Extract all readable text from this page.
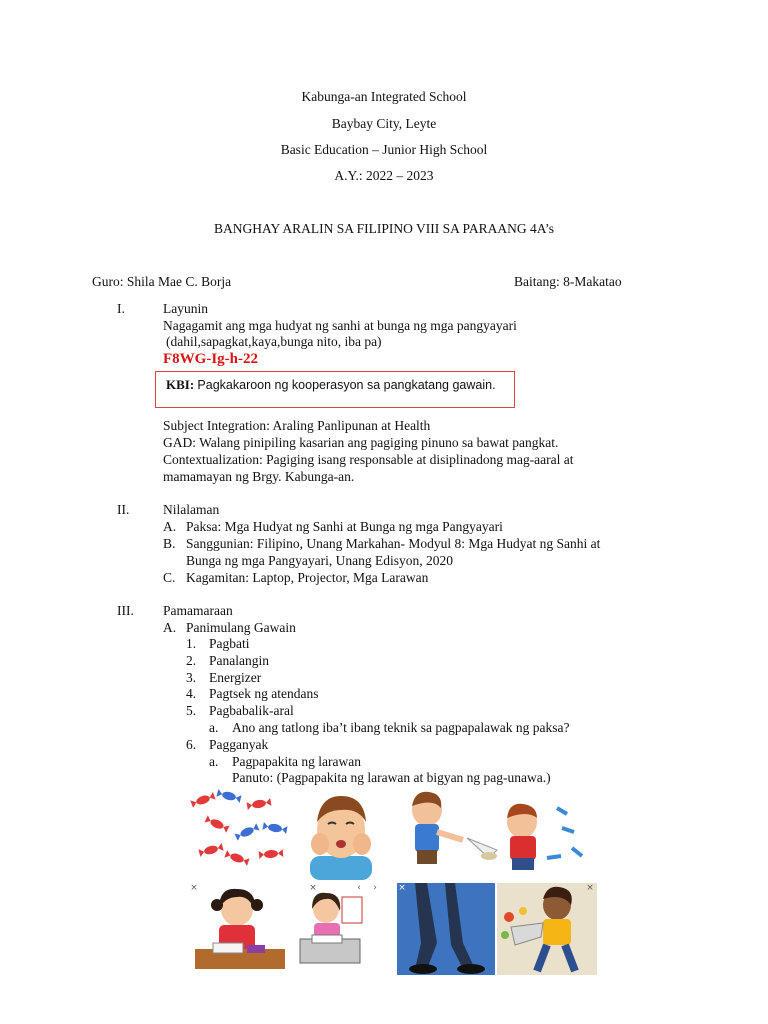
Kabunga-an Integrated School
Baybay City, Leyte
Basic Education – Junior High School
A.Y.: 2022 – 2023
BANGHAY ARALIN SA FILIPINO VIII SA PARAANG 4A’s
Guro: Shila Mae C. Borja	Baitang: 8-Makatao
I.	Layunin
Nagagamit ang mga hudyat ng sanhi at bunga ng mga pangyayari
(dahil,sapagkat,kaya,bunga nito, iba pa)
F8WG-Ig-h-22
KBI: Pagkakaroon ng kooperasyon sa pangkatang gawain.
Subject Integration: Araling Panlipunan at Health
GAD: Walang pinipiling kasarian ang pagiging pinuno sa bawat pangkat.
Contextualization: Pagiging isang responsable at disiplinadong mag-aaral at
mamamayan ng Brgy. Kabunga-an.
II. Nilalaman
A. Paksa: Mga Hudyat ng Sanhi at Bunga ng mga Pangyayari
B. Sanggunian: Filipino, Unang Markahan- Modyul 8: Mga Hudyat ng Sanhi at
Bunga ng mga Pangyayari, Unang Edisyon, 2020
C. Kagamitan: Laptop, Projector, Mga Larawan
III. Pamamaraan
A. Panimulang Gawain
1. Pagbati
2. Panalangin
3. Energizer
4. Pagtsek ng atendans
5. Pagbabalik-aral
a. Ano ang tatlong iba’t ibang teknik sa pagpapalawak ng paksa?
6. Pagganyak
a. Pagpapakita ng larawan
Panuto: (Pagpapakita ng larawan at bigyan ng pag-unawa.)
×	×	‹	›	×	×
